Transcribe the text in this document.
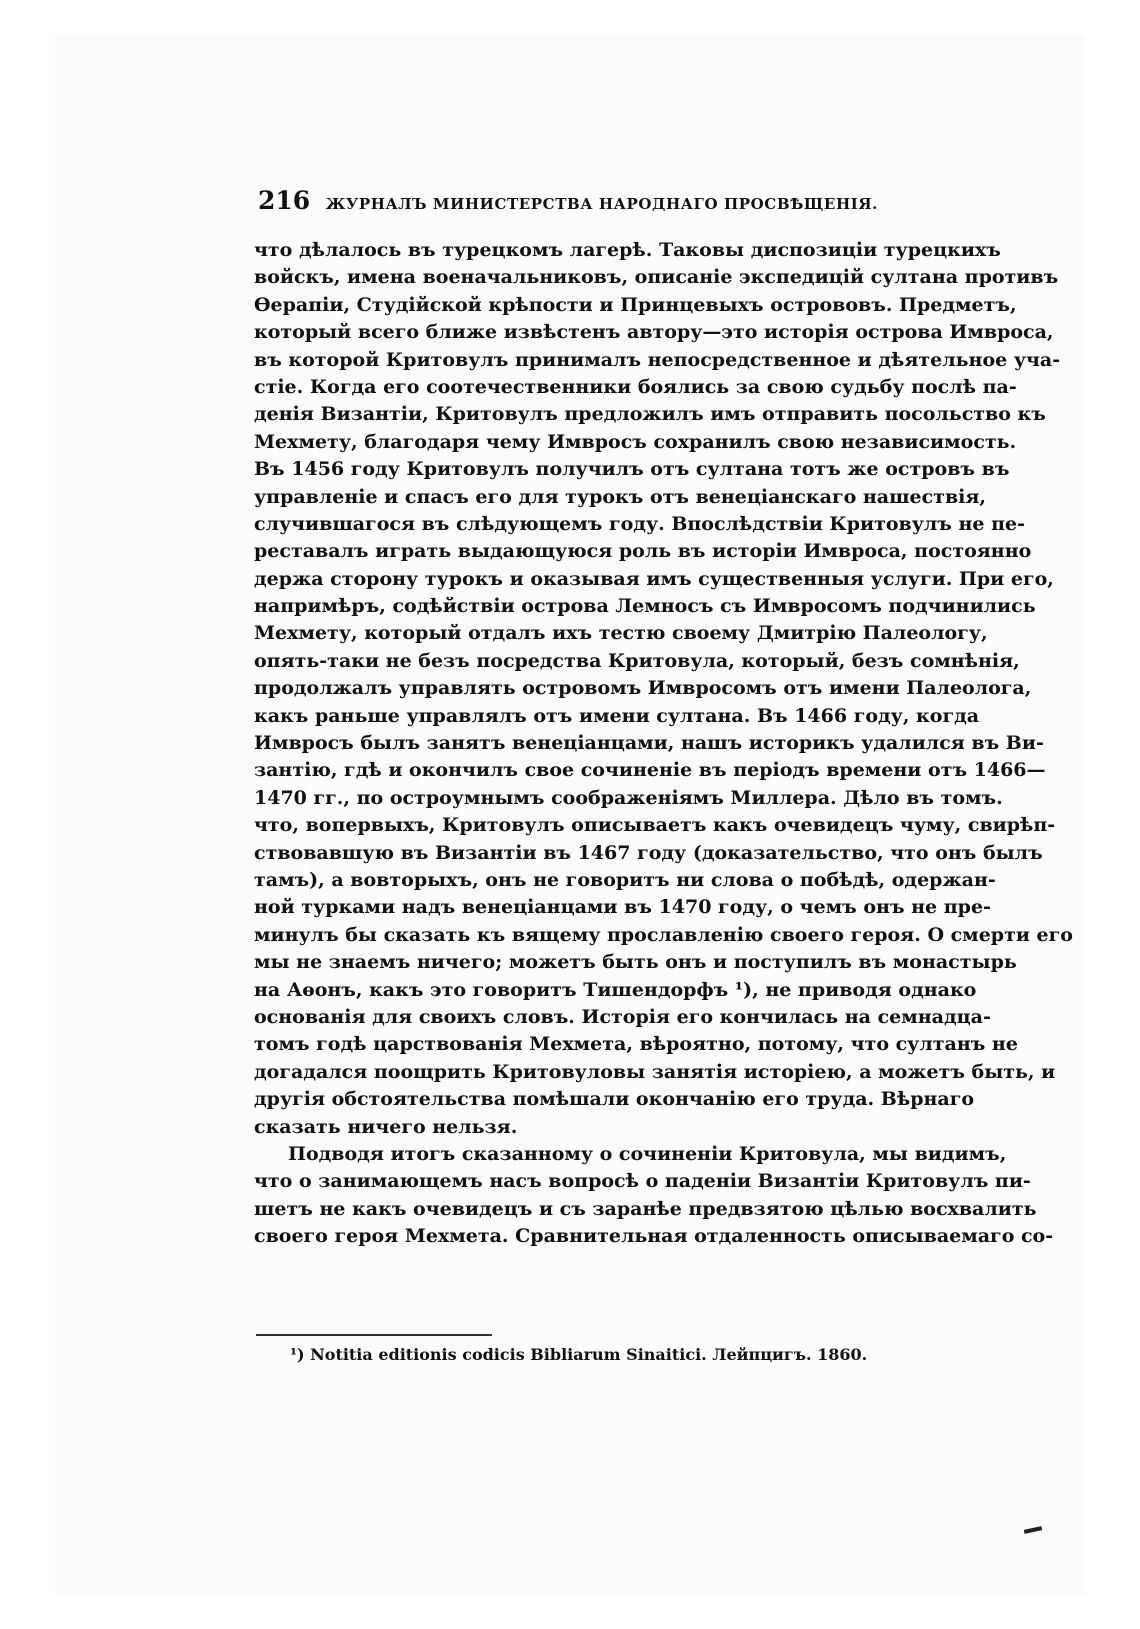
216	ЖУРНАЛЪ МИНИСТЕРСТВА НАРОДНАГО ПРОСВѢЩЕНІЯ.
что дѣлалось въ турецкомъ лагерѣ. Таковы диспозиціи турецкихъ
войскъ, имена военачальниковъ, описаніе экспедицій султана противъ
Өерапіи, Студійской крѣпости и Принцевыхъ острововъ. Предметъ,
который всего ближе извѣстенъ автору—это исторія острова Имвроса,
въ которой Критовулъ принималъ непосредственное и дѣятельное уча-
стіе. Когда его соотечественники боялись за свою судьбу послѣ па-
денія Византіи, Критовулъ предложилъ имъ отправить посольство къ
Мехмету, благодаря чему Имвросъ сохранилъ свою независимость.
Въ 1456 году Критовулъ получилъ отъ султана тотъ же островъ въ
управленіе и спасъ его для турокъ отъ венеціанскаго нашествія,
случившагося въ слѣдующемъ году. Впослѣдствіи Критовулъ не пе-
реставалъ играть выдающуюся роль въ исторіи Имвроса, постоянно
держа сторону турокъ и оказывая имъ существенныя услуги. При его,
напримѣръ, содѣйствіи острова Лемносъ съ Имвросомъ подчинились
Мехмету, который отдалъ ихъ тестю своему Дмитрію Палеологу,
опять-таки не безъ посредства Критовула, который, безъ сомнѣнія,
продолжалъ управлять островомъ Имвросомъ отъ имени Палеолога,
какъ раньше управлялъ отъ имени султана. Въ 1466 году, когда
Имвросъ былъ занятъ венеціанцами, нашъ историкъ удалился въ Ви-
зантію, гдѣ и окончилъ свое сочиненіе въ періодъ времени отъ 1466—
1470 гг., по остроумнымъ соображеніямъ Миллера. Дѣло въ томъ.
что, вопервыхъ, Критовулъ описываетъ какъ очевидецъ чуму, свирѣп-
ствовавшую въ Византіи въ 1467 году (доказательство, что онъ былъ
тамъ), а вовторыхъ, онъ не говоритъ ни слова о побѣдѣ, одержан-
ной турками надъ венеціанцами въ 1470 году, о чемъ онъ не пре-
минулъ бы сказать къ вящему прославленію своего героя. О смерти его
мы не знаемъ ничего; можетъ быть онъ и поступилъ въ монастырь
на Аѳонъ, какъ это говоритъ Тишендорфъ ¹), не приводя однако
основанія для своихъ словъ. Исторія его кончилась на семнадца-
томъ годѣ царствованія Мехмета, вѣроятно, потому, что султанъ не
догадался поощрить Критовуловы занятія исторіею, а можетъ быть, и
другія обстоятельства помѣшали окончанію его труда. Вѣрнаго
сказать ничего нельзя.
Подводя итогъ сказанному о сочиненіи Критовула, мы видимъ,
что о занимающемъ насъ вопросѣ о паденіи Византіи Критовулъ пи-
шетъ не какъ очевидецъ и съ заранѣе предвзятою цѣлью восхвалить
своего героя Мехмета. Сравнительная отдаленность описываемаго со-
¹) Notitia editionis codicis Bibliarum Sinaitici. Лейпцигъ. 1860.
